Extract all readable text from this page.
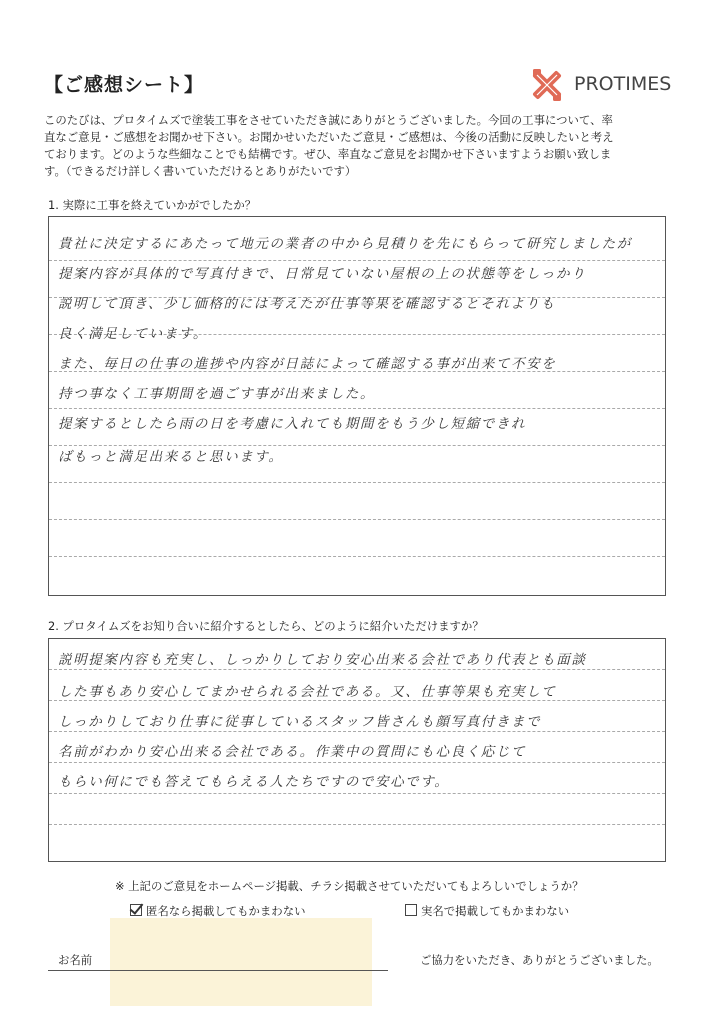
【ご感想シート】	PROTIMES
このたびは、プロタイムズで塗装工事をさせていただき誠にありがとうございました。今回の工事について、率
直なご意見・ご感想をお聞かせ下さい。お聞かせいただいたご意見・ご感想は、今後の活動に反映したいと考え
ております。どのような些細なことでも結構です。ぜひ、率直なご意見をお聞かせ下さいますようお願い致しま
す。（できるだけ詳しく書いていただけるとありがたいです）
1. 実際に工事を終えていかがでしたか？
貴社に決定するにあたって地元の業者の中から見積りを先にもらって研究しましたが
提案内容が具体的で写真付きで、日常見ていない屋根の上の状態等をしっかり
説明して頂き、少し価格的には考えたが仕事等果を確認するとそれよりも
良く満足しています。
また、毎日の仕事の進捗や内容が日誌によって確認する事が出来て不安を
持つ事なく工事期間を過ごす事が出来ました。
提案するとしたら雨の日を考慮に入れても期間をもう少し短縮できれ
ばもっと満足出来ると思います。
2. プロタイムズをお知り合いに紹介するとしたら、どのように紹介いただけますか？
説明提案内容も充実し、しっかりしており安心出来る会社であり代表とも面談
した事もあり安心してまかせられる会社である。又、仕事等果も充実して
しっかりしており仕事に従事しているスタッフ皆さんも顔写真付きまで
名前がわかり安心出来る会社である。作業中の質問にも心良く応じて
もらい何にでも答えてもらえる人たちですので安心です。
※ 上記のご意見をホームページ掲載、チラシ掲載させていただいてもよろしいでしょうか？
匿名なら掲載してもかまわない	実名で掲載してもかまわない
お名前	ご協力をいただき、ありがとうございました。
